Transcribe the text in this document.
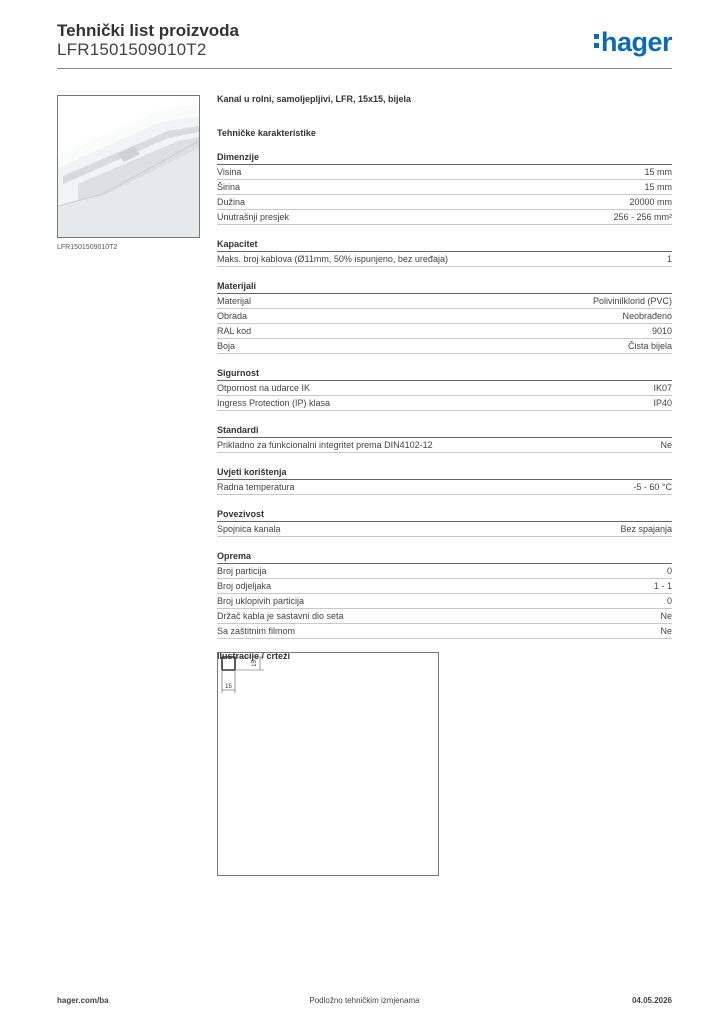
Tehnički list proizvoda
LFR1501509010T2	hager
LFR1501509010T2
Kanal u rolni, samoljepljivi, LFR, 15x15, bijela
Tehničke karakteristike
Dimenzije
Visina	15 mm
Širina	15 mm
Dužina	20000 mm
Unutrašnji presjek	256 - 256 mm²
Kapacitet
Maks. broj kablova (Ø11mm, 50% ispunjeno, bez uređaja)	1
Materijali
Materijal	Polivinilklorid (PVC)
Obrada	Neobrađeno
RAL kod	9010
Boja	Čista bijela
Sigurnost
Otpornost na udarce IK	IK07
Ingress Protection (IP) klasa	IP40
Standardi
Prikladno za funkcionalni integritet prema DIN4102-12	Ne
Uvjeti korištenja
Radna temperatura	-5 - 60 °C
Povezivost
Spojnica kanala	Bez spajanja
Oprema
Broj particija	0
Broj odjeljaka	1 - 1
Broj uklopivih particija	0
Držač kabla je sastavni dio seta	Ne
Sa zaštitnim filmom	Ne
Ilustracije / crteži
15
15
hager.com/ba	Podložno tehničkim izmjenama	04.05.2026
